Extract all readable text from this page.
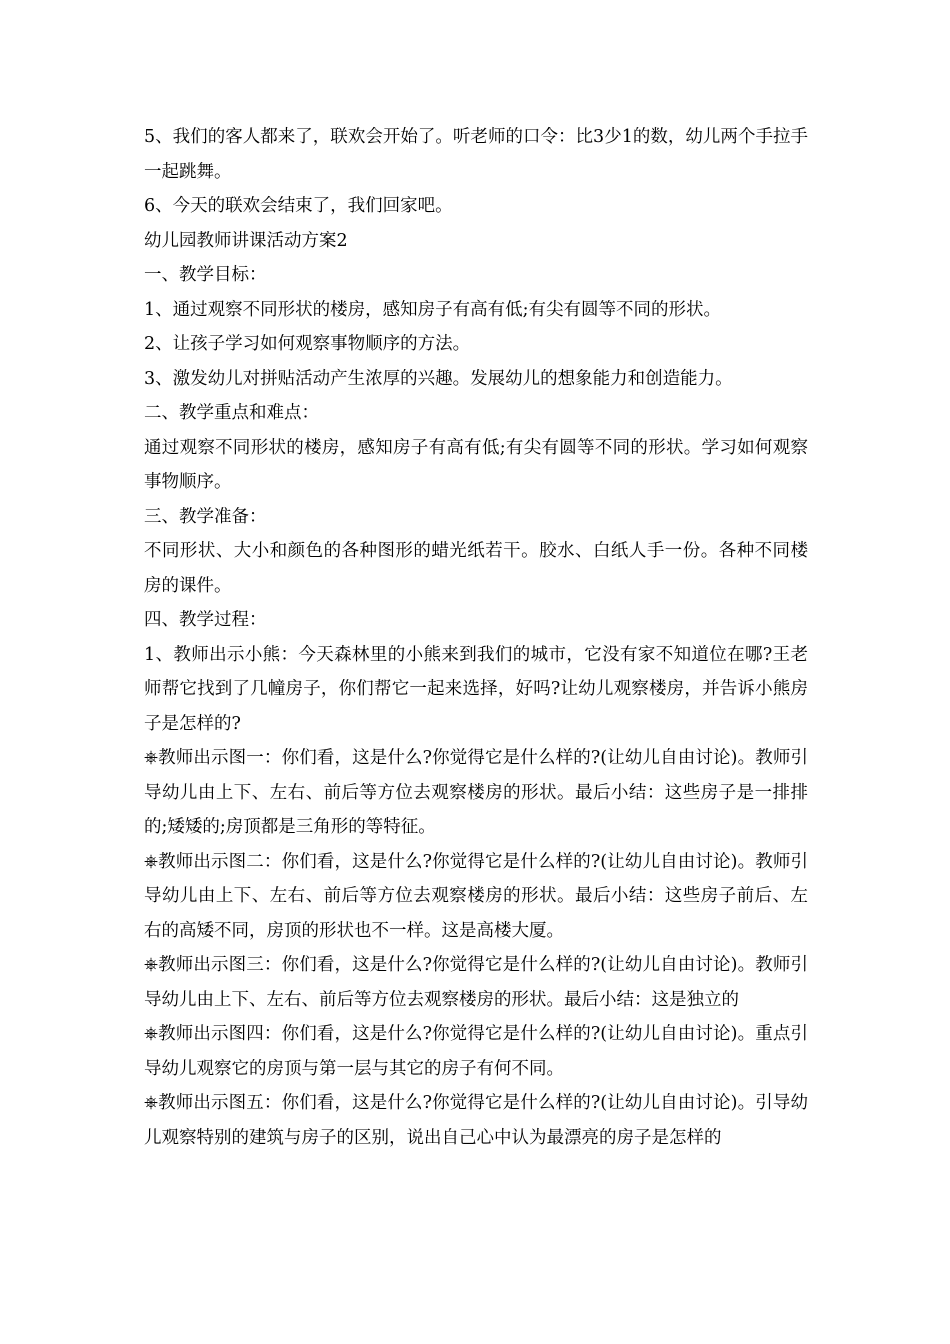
5、我们的客人都来了，联欢会开始了。听老师的口令：比3少1的数，幼儿两个手拉手一起跳舞。

6、今天的联欢会结束了，我们回家吧。

幼儿园教师讲课活动方案2

一、教学目标：

1、通过观察不同形状的楼房，感知房子有高有低;有尖有圆等不同的形状。

2、让孩子学习如何观察事物顺序的方法。

3、激发幼儿对拼贴活动产生浓厚的兴趣。发展幼儿的想象能力和创造能力。

二、教学重点和难点：

通过观察不同形状的楼房，感知房子有高有低;有尖有圆等不同的形状。学习如何观察事物顺序。

三、教学准备：

不同形状、大小和颜色的各种图形的蜡光纸若干。胶水、白纸人手一份。各种不同楼房的课件。

四、教学过程：

1、教师出示小熊：今天森林里的小熊来到我们的城市，它没有家不知道位在哪?王老师帮它找到了几幢房子，你们帮它一起来选择，好吗?让幼儿观察楼房，并告诉小熊房子是怎样的?

⎈教师出示图一：你们看，这是什么?你觉得它是什么样的?(让幼儿自由讨论)。教师引导幼儿由上下、左右、前后等方位去观察楼房的形状。最后小结：这些房子是一排排的;矮矮的;房顶都是三角形的等特征。

⎈教师出示图二：你们看，这是什么?你觉得它是什么样的?(让幼儿自由讨论)。教师引导幼儿由上下、左右、前后等方位去观察楼房的形状。最后小结：这些房子前后、左右的高矮不同，房顶的形状也不一样。这是高楼大厦。

⎈教师出示图三：你们看，这是什么?你觉得它是什么样的?(让幼儿自由讨论)。教师引导幼儿由上下、左右、前后等方位去观察楼房的形状。最后小结：这是独立的

⎈教师出示图四：你们看，这是什么?你觉得它是什么样的?(让幼儿自由讨论)。重点引导幼儿观察它的房顶与第一层与其它的房子有何不同。

⎈教师出示图五：你们看，这是什么?你觉得它是什么样的?(让幼儿自由讨论)。引导幼儿观察特别的建筑与房子的区别，说出自己心中认为最漂亮的房子是怎样的
